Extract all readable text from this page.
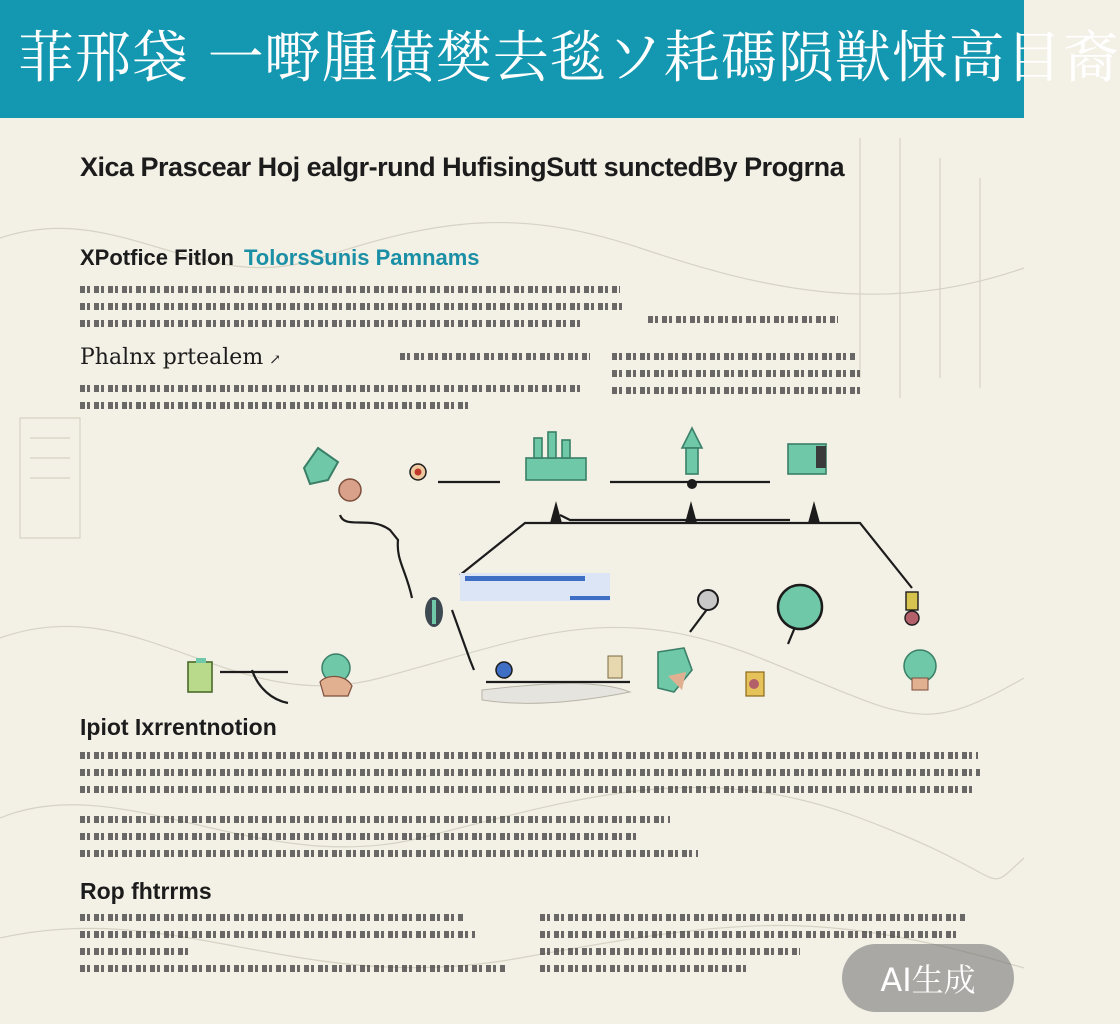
菲邢袋 一嘢腫僙樊去毯ソ耗碼陨獣悚高目裔
Xica Prascear Hoj ealgr-rund HufisingSutt sunctedBy Progrna
XPotfice Fitlon TolorsSunis Pamnams
Phalnx prtealem ↗
Ipiot Ixrrentnotion
Rop fhtrrms
AI生成
